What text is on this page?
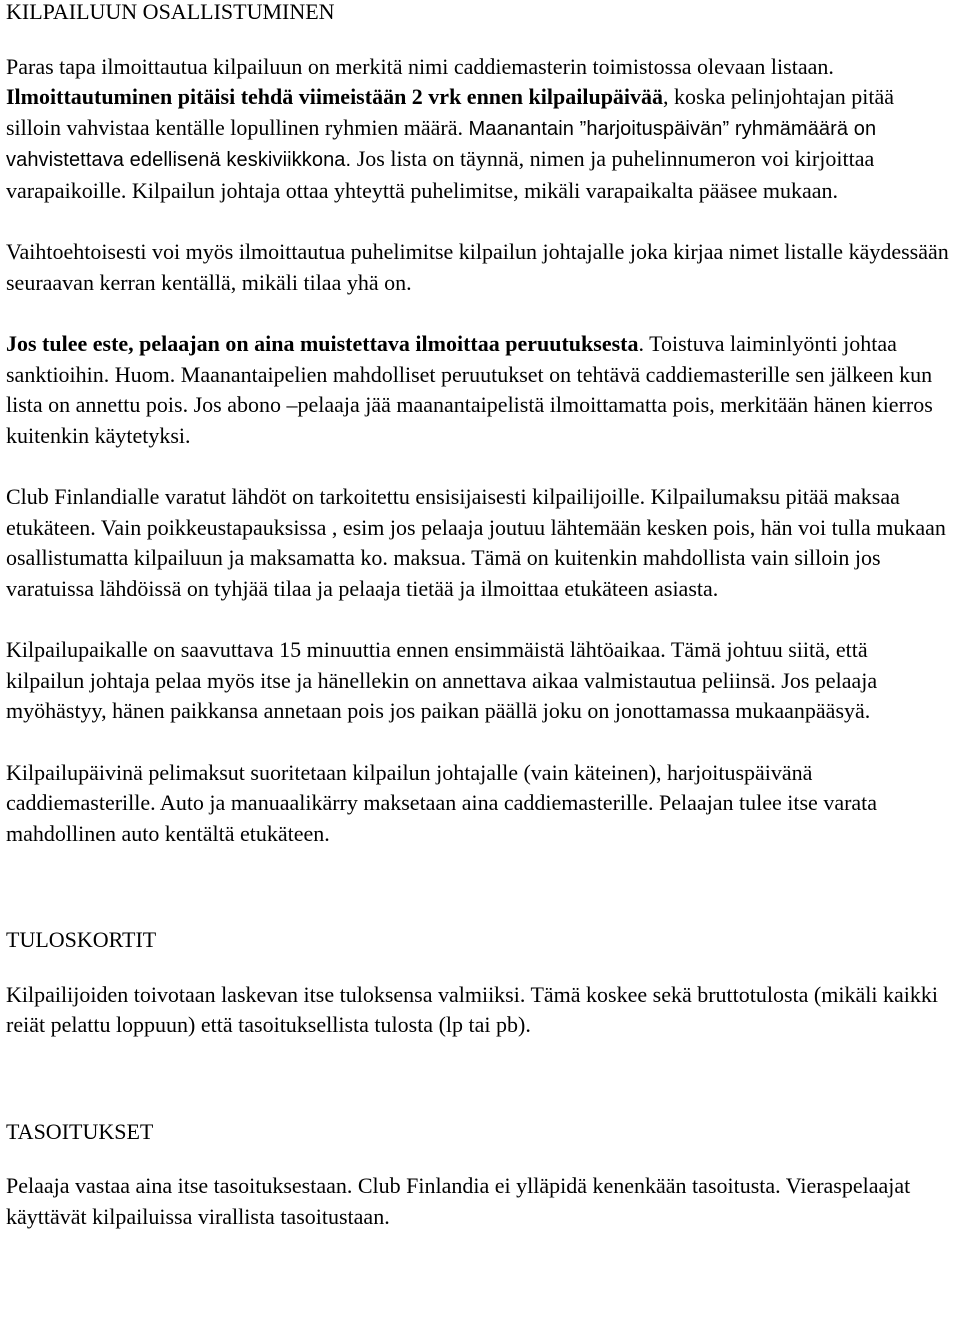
KILPAILUUN OSALLISTUMINEN

Paras tapa ilmoittautua kilpailuun on merkitä nimi caddiemasterin toimistossa olevaan listaan. Ilmoittautuminen pitäisi tehdä viimeistään 2 vrk ennen kilpailupäivää, koska pelinjohtajan pitää silloin vahvistaa kentälle lopullinen ryhmien määrä. Maanantain ”harjoituspäivän” ryhmämäärä on vahvistettava edellisenä keskiviikkona. Jos lista on täynnä, nimen ja puhelinnumeron voi kirjoittaa varapaikoille. Kilpailun johtaja ottaa yhteyttä puhelimitse, mikäli varapaikalta pääsee mukaan.

Vaihtoehtoisesti voi myös ilmoittautua puhelimitse kilpailun johtajalle joka kirjaa nimet listalle käydessään seuraavan kerran kentällä, mikäli tilaa yhä on.

Jos tulee este, pelaajan on aina muistettava ilmoittaa peruutuksesta. Toistuva laiminlyönti johtaa sanktioihin. Huom. Maanantaipelien mahdolliset peruutukset on tehtävä caddiemasterille sen jälkeen kun lista on annettu pois. Jos abono –pelaaja jää maanantaipelistä ilmoittamatta pois, merkitään hänen kierros kuitenkin käytetyksi.

Club Finlandialle varatut lähdöt on tarkoitettu ensisijaisesti kilpailijoille. Kilpailumaksu pitää maksaa etukäteen. Vain poikkeustapauksissa , esim jos pelaaja joutuu lähtemään kesken pois, hän voi tulla mukaan osallistumatta kilpailuun ja maksamatta ko. maksua. Tämä on kuitenkin mahdollista vain silloin jos varatuissa lähdöissä on tyhjää tilaa ja pelaaja tietää ja ilmoittaa etukäteen asiasta.

Kilpailupaikalle on saavuttava 15 minuuttia ennen ensimmäistä lähtöaikaa. Tämä johtuu siitä, että kilpailun johtaja pelaa myös itse ja hänellekin on annettava aikaa valmistautua peliinsä. Jos pelaaja myöhästyy, hänen paikkansa annetaan pois jos paikan päällä joku on jonottamassa mukaanpääsyä.

Kilpailupäivinä pelimaksut suoritetaan kilpailun johtajalle (vain käteinen), harjoituspäivänä caddiemasterille. Auto ja manuaalikärry maksetaan aina caddiemasterille. Pelaajan tulee itse varata mahdollinen auto kentältä etukäteen.

TULOSKORTIT

Kilpailijoiden toivotaan laskevan itse tuloksensa valmiiksi. Tämä koskee sekä bruttotulosta (mikäli kaikki reiät pelattu loppuun) että tasoituksellista tulosta (lp tai pb).

TASOITUKSET

Pelaaja vastaa aina itse tasoituksestaan. Club Finlandia ei ylläpidä kenenkään tasoitusta. Vieraspelaajat käyttävät kilpailuissa virallista tasoitustaan.
